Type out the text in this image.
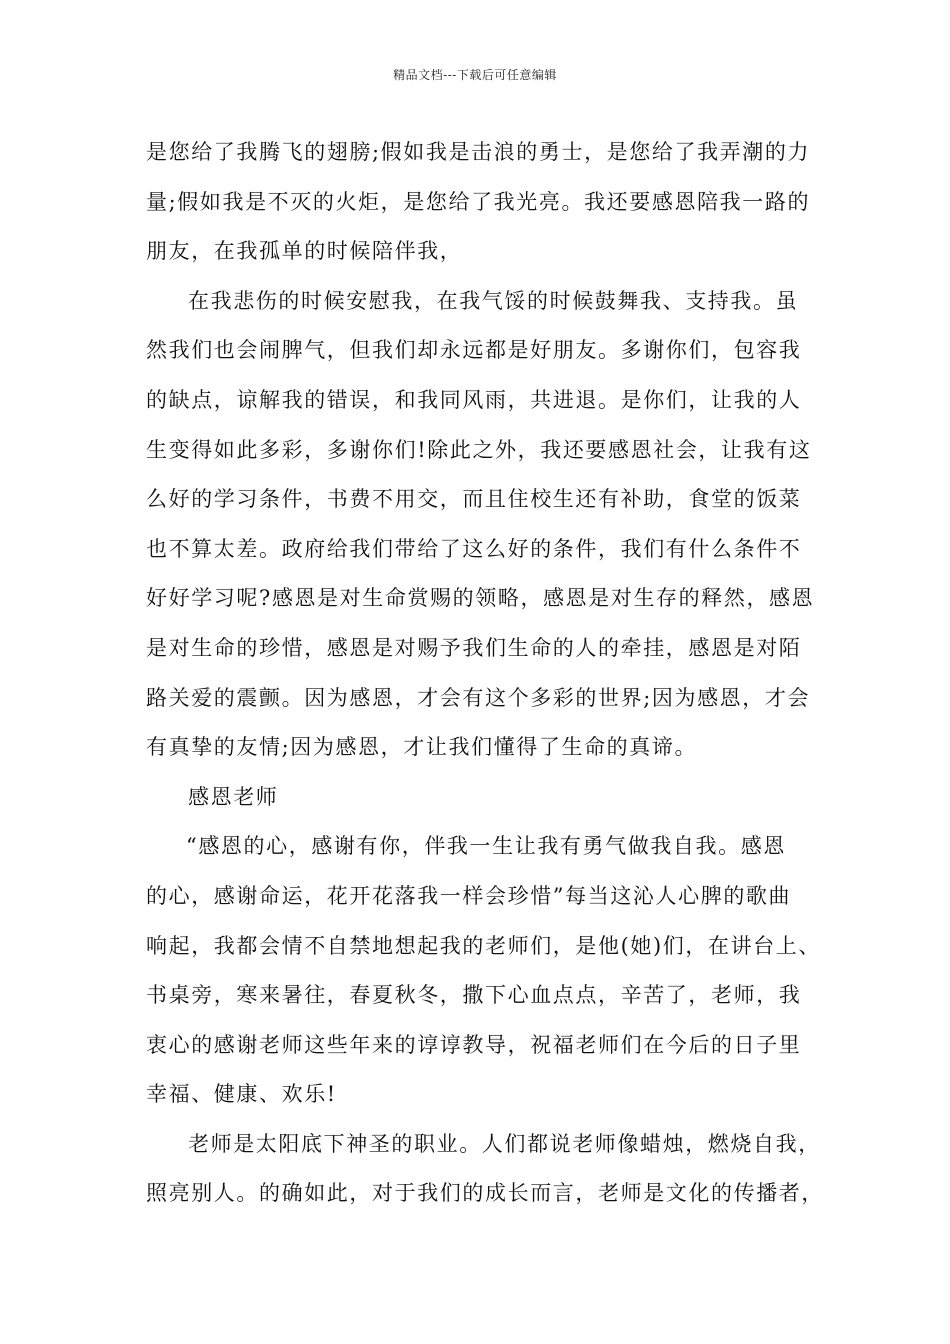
精品文档---下载后可任意编辑
是您给了我腾飞的翅膀;假如我是击浪的勇士，是您给了我弄潮的力
量;假如我是不灭的火炬，是您给了我光亮。我还要感恩陪我一路的
朋友，在我孤单的时候陪伴我，
在我悲伤的时候安慰我，在我气馁的时候鼓舞我、支持我。虽
然我们也会闹脾气，但我们却永远都是好朋友。多谢你们，包容我
的缺点，谅解我的错误，和我同风雨，共进退。是你们，让我的人
生变得如此多彩，多谢你们!除此之外，我还要感恩社会，让我有这
么好的学习条件，书费不用交，而且住校生还有补助，食堂的饭菜
也不算太差。政府给我们带给了这么好的条件，我们有什么条件不
好好学习呢?感恩是对生命赏赐的领略，感恩是对生存的释然，感恩
是对生命的珍惜，感恩是对赐予我们生命的人的牵挂，感恩是对陌
路关爱的震颤。因为感恩，才会有这个多彩的世界;因为感恩，才会
有真挚的友情;因为感恩，才让我们懂得了生命的真谛。
感恩老师
“感恩的心，感谢有你，伴我一生让我有勇气做我自我。感恩
的心，感谢命运，花开花落我一样会珍惜”每当这沁人心脾的歌曲
响起，我都会情不自禁地想起我的老师们，是他(她)们，在讲台上、
书桌旁，寒来暑往，春夏秋冬，撒下心血点点，辛苦了，老师，我
衷心的感谢老师这些年来的谆谆教导，祝福老师们在今后的日子里
幸福、健康、欢乐!
老师是太阳底下神圣的职业。人们都说老师像蜡烛，燃烧自我，
照亮别人。的确如此，对于我们的成长而言，老师是文化的传播者，
